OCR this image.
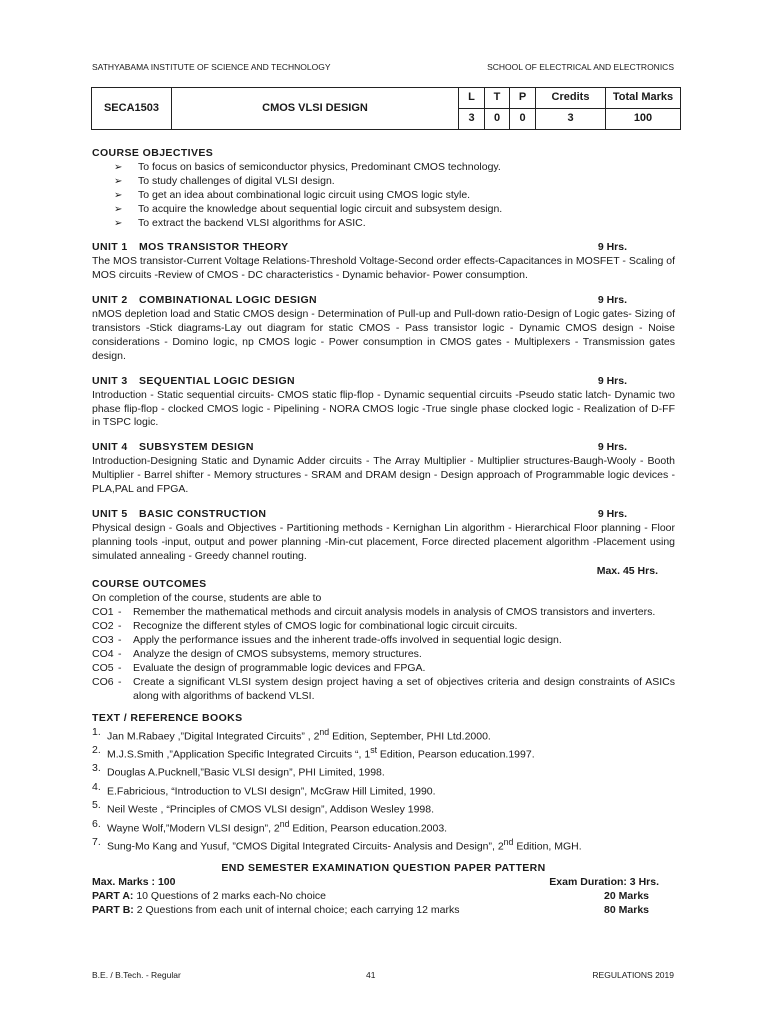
SATHYABAMA INSTITUTE OF SCIENCE AND TECHNOLOGY	SCHOOL OF ELECTRICAL AND ELECTRONICS
SECA1503	CMOS VLSI DESIGN	L	T	P	Credits	Total Marks
		3	0	0	3	100
COURSE OBJECTIVES
➢	To focus on basics of semiconductor physics, Predominant CMOS technology.
➢	To study challenges of digital VLSI design.
➢	To get an idea about combinational logic circuit using CMOS logic style.
➢	To acquire the knowledge about sequential logic circuit and subsystem design.
➢	To extract the backend VLSI algorithms for ASIC.
UNIT 1	MOS TRANSISTOR THEORY	9 Hrs.
The MOS transistor-Current Voltage Relations-Threshold Voltage-Second order effects-Capacitances in MOSFET - Scaling of MOS circuits -Review of CMOS - DC characteristics - Dynamic behavior- Power consumption.
UNIT 2	COMBINATIONAL LOGIC DESIGN	9 Hrs.
nMOS depletion load and Static CMOS design - Determination of Pull-up and Pull-down ratio-Design of Logic gates- Sizing of transistors -Stick diagrams-Lay out diagram for static CMOS - Pass transistor logic - Dynamic CMOS design - Noise considerations - Domino logic, np CMOS logic - Power consumption in CMOS gates - Multiplexers - Transmission gates design.
UNIT 3	SEQUENTIAL LOGIC DESIGN	9 Hrs.
Introduction - Static sequential circuits- CMOS static flip-flop - Dynamic sequential circuits -Pseudo static latch- Dynamic two phase flip-flop - clocked CMOS logic - Pipelining - NORA CMOS logic -True single phase clocked logic - Realization of D-FF in TSPC logic.
UNIT 4	SUBSYSTEM DESIGN	9 Hrs.
Introduction-Designing Static and Dynamic Adder circuits - The Array Multiplier - Multiplier structures-Baugh-Wooly - Booth Multiplier - Barrel shifter - Memory structures - SRAM and DRAM design - Design approach of Programmable logic devices - PLA,PAL and FPGA.
UNIT 5	BASIC CONSTRUCTION	9 Hrs.
Physical design - Goals and Objectives - Partitioning methods - Kernighan Lin algorithm - Hierarchical Floor planning - Floor planning tools -input, output and power planning -Min-cut placement, Force directed placement algorithm -Placement using simulated annealing - Greedy channel routing.
Max. 45 Hrs.
COURSE OUTCOMES
On completion of the course, students are able to
CO1 -	Remember the mathematical methods and circuit analysis models in analysis of CMOS transistors and inverters.
CO2 -	Recognize the different styles of CMOS logic for combinational logic circuit circuits.
CO3 -	Apply the performance issues and the inherent trade-offs involved in sequential logic design.
CO4 -	Analyze the design of CMOS subsystems, memory structures.
CO5 -	Evaluate the design of programmable logic devices and FPGA.
CO6 -	Create a significant VLSI system design project having a set of objectives criteria and design constraints of ASICs along with algorithms of backend VLSI.
TEXT / REFERENCE BOOKS
1. Jan M.Rabaey ,”Digital Integrated Circuits” , 2nd Edition, September, PHI Ltd.2000.
2. M.J.S.Smith ,”Application Specific Integrated Circuits “, 1st Edition, Pearson education.1997.
3. Douglas A.Pucknell,”Basic VLSI design”, PHI Limited, 1998.
4. E.Fabricious, “Introduction to VLSI design”, McGraw Hill Limited, 1990.
5. Neil Weste , “Principles of CMOS VLSI design”, Addison Wesley 1998.
6. Wayne Wolf,”Modern VLSI design”, 2nd Edition, Pearson education.2003.
7. Sung-Mo Kang and Yusuf, ”CMOS Digital Integrated Circuits- Analysis and Design”, 2nd Edition, MGH.
END SEMESTER EXAMINATION QUESTION PAPER PATTERN
Max. Marks : 100	Exam Duration: 3 Hrs.
PART A: 10 Questions of 2 marks each-No choice	20 Marks
PART B: 2 Questions from each unit of internal choice; each carrying 12 marks	80 Marks
B.E. / B.Tech. - Regular	41	REGULATIONS 2019
